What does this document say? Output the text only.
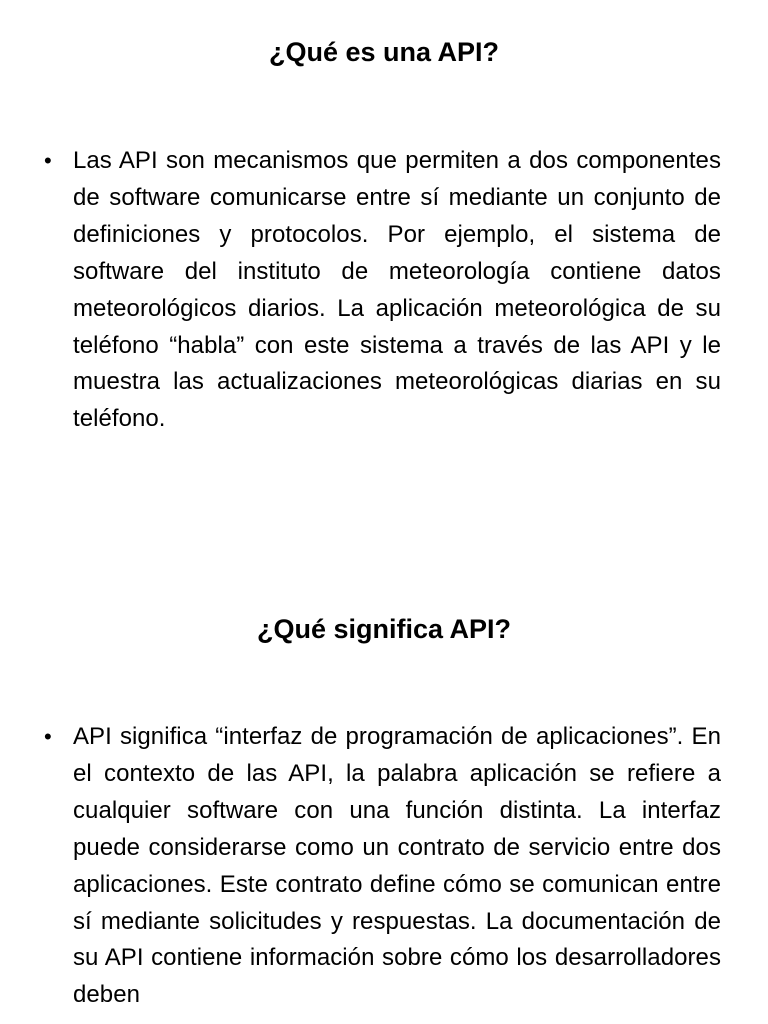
¿Qué es una API?
• Las API son mecanismos que permiten a dos componentes de software comunicarse entre sí mediante un conjunto de definiciones y protocolos. Por ejemplo, el sistema de software del instituto de meteorología contiene datos meteorológicos diarios. La aplicación meteorológica de su teléfono “habla” con este sistema a través de las API y le muestra las actualizaciones meteorológicas diarias en su teléfono.

¿Qué significa API?
• API significa “interfaz de programación de aplicaciones”. En el contexto de las API, la palabra aplicación se refiere a cualquier software con una función distinta. La interfaz puede considerarse como un contrato de servicio entre dos aplicaciones. Este contrato define cómo se comunican entre sí mediante solicitudes y respuestas. La documentación de su API contiene información sobre cómo los desarrolladores deben
